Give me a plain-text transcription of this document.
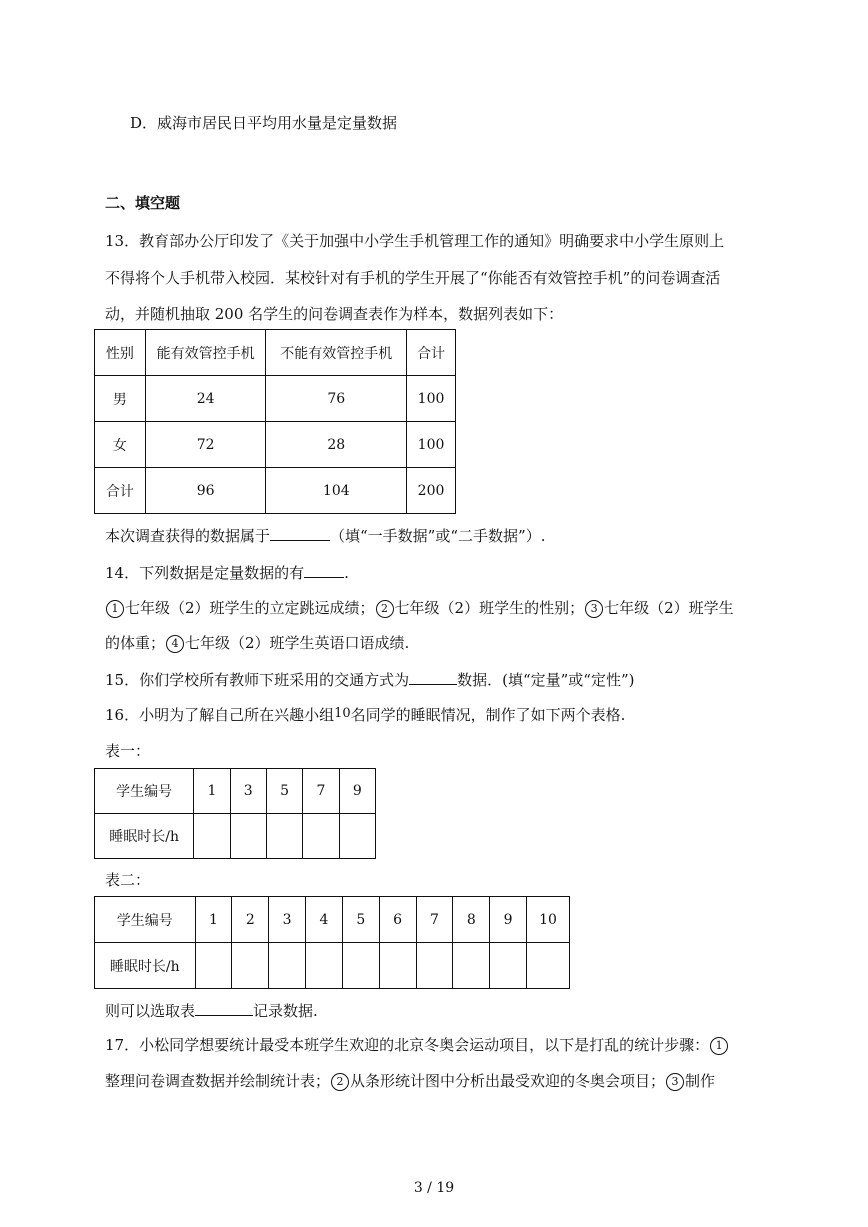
D．威海市居民日平均用水量是定量数据
二、填空题
13．教育部办公厅印发了《关于加强中小学生手机管理工作的通知》明确要求中小学生原则上
不得将个人手机带入校园．某校针对有手机的学生开展了“你能否有效管控手机”的问卷调查活
动，并随机抽取 200 名学生的问卷调查表作为样本，数据列表如下：
性别	能有效管控手机	不能有效管控手机	合计
男	24	76	100
女	72	28	100
合计	96	104	200
本次调查获得的数据属于	（填“一手数据”或“二手数据”）.
14．下列数据是定量数据的有	.
1 七年级（2）班学生的立定跳远成绩； 2 七年级（2）班学生的性别； 3 七年级（2）班学生
的体重； 4 七年级（2）班学生英语口语成绩.
15．你们学校所有教师下班采用的交通方式为	数据．(填“定量”或“定性”)
16．小明为了解自己所在兴趣小组10名同学的睡眠情况，制作了如下两个表格.
表一：
学生编号	1	3	5	7	9
睡眠时长/h					
表二：
学生编号	1	2	3	4	5	6	7	8	9	10
睡眠时长/h										
则可以选取表	记录数据.
17．小松同学想要统计最受本班学生欢迎的北京冬奥会运动项目，以下是打乱的统计步骤： 1
整理问卷调查数据并绘制统计表； 2 从条形统计图中分析出最受欢迎的冬奥会项目； 3 制作
3 / 19
